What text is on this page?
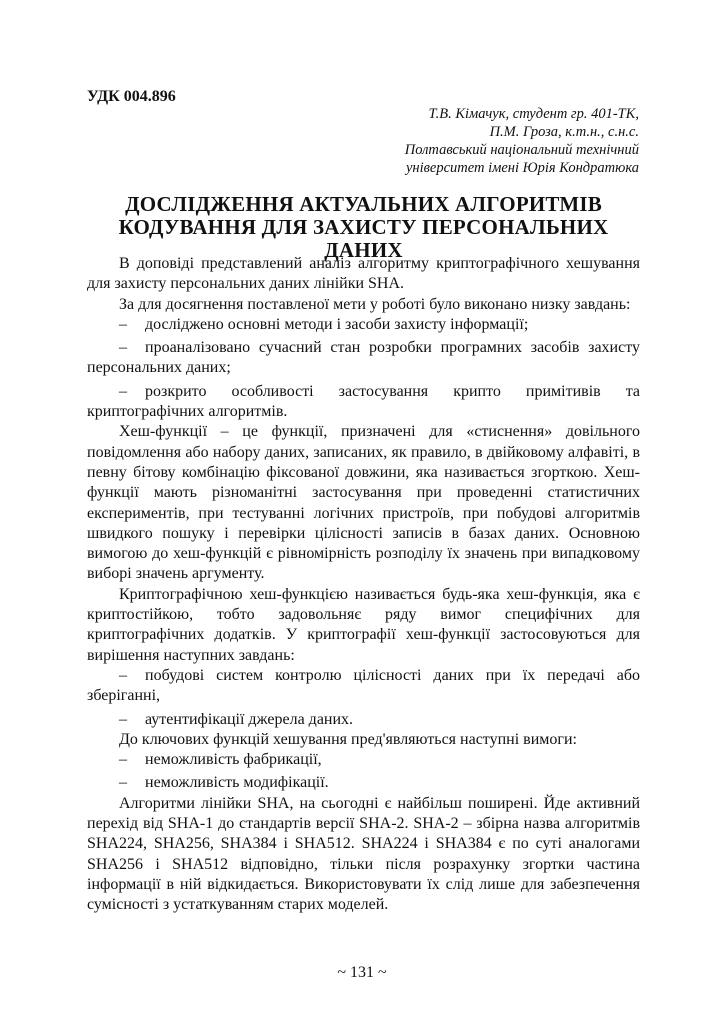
УДК 004.896
Т.В. Кімачук, студент гр. 401-ТК,
П.М. Гроза, к.т.н., с.н.с.
Полтавський національний технічний
університет імені Юрія Кондратюка
ДОСЛІДЖЕННЯ АКТУАЛЬНИХ АЛГОРИТМІВ
КОДУВАННЯ ДЛЯ ЗАХИСТУ ПЕРСОНАЛЬНИХ ДАНИХ

В доповіді представлений аналіз алгоритму криптографічного хешування для захисту персональних даних лінійки SHA.

За для досягнення поставленої мети у роботі було виконано низку завдань:

– досліджено основні методи і засоби захисту інформації;

– проаналізовано сучасний стан розробки програмних засобів захисту персональних даних;

– розкрито особливості застосування крипто примітивів та криптографічних алгоритмів.

Хеш-функції – це функції, призначені для «стиснення» довільного повідомлення або набору даних, записаних, як правило, в двійковому алфавіті, в певну бітову комбінацію фіксованої довжини, яка називається згорткою. Хеш-функції мають різноманітні застосування при проведенні статистичних експериментів, при тестуванні логічних пристроїв, при побудові алгоритмів швидкого пошуку і перевірки цілісності записів в базах даних. Основною вимогою до хеш-функцій є рівномірність розподілу їх значень при випадковому виборі значень аргументу.

Криптографічною хеш-функцією називається будь-яка хеш-функція, яка є криптостійкою, тобто задовольняє ряду вимог специфічних для криптографічних додатків. У криптографії хеш-функції застосовуються для вирішення наступних завдань:

– побудові систем контролю цілісності даних при їх передачі або зберіганні,

– аутентифікації джерела даних.

До ключових функцій хешування пред'являються наступні вимоги:

– неможливість фабрикації,

– неможливість модифікації.

Алгоритми лінійки SHA, на сьогодні є найбільш поширені. Йде активний перехід від SHA-1 до стандартів версії SHA-2. SHA-2 – збірна назва алгоритмів SHA224, SHA256, SHA384 і SHA512. SHA224 і SHA384 є по суті аналогами SHA256 і SHA512 відповідно, тільки після розрахунку згортки частина інформації в ній відкидається. Використовувати їх слід лише для забезпечення сумісності з устаткуванням старих моделей.

~ 131 ~
